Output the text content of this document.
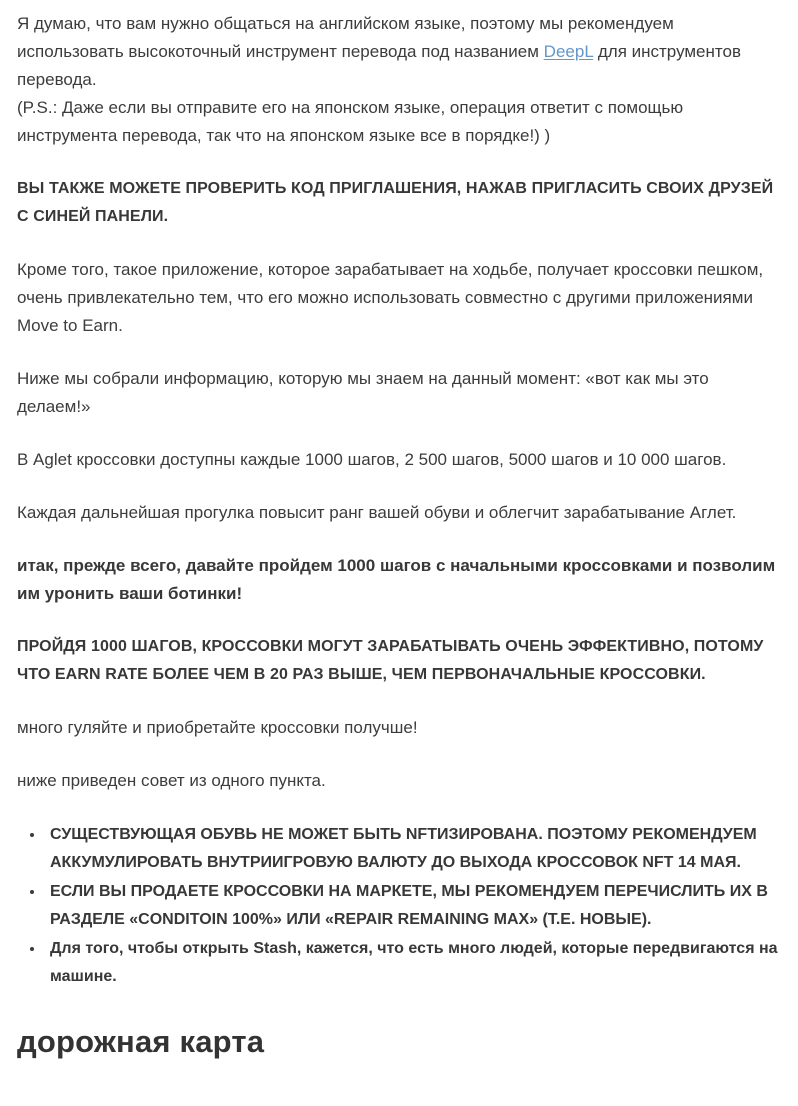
Я думаю, что вам нужно общаться на английском языке, поэтому мы рекомендуем использовать высокоточный инструмент перевода под названием DeepL для инструментов перевода.

(P.S.: Даже если вы отправите его на японском языке, операция ответит с помощью инструмента перевода, так что на японском языке все в порядке!) )

ВЫ ТАКЖЕ МОЖЕТЕ ПРОВЕРИТЬ КОД ПРИГЛАШЕНИЯ, НАЖАВ ПРИГЛАСИТЬ СВОИХ ДРУЗЕЙ С СИНЕЙ ПАНЕЛИ.

Кроме того, такое приложение, которое зарабатывает на ходьбе, получает кроссовки пешком, очень привлекательно тем, что его можно использовать совместно с другими приложениями Move to Earn.

Ниже мы собрали информацию, которую мы знаем на данный момент: «вот как мы это делаем!»

В Aglet кроссовки доступны каждые 1000 шагов, 2 500 шагов, 5000 шагов и 10 000 шагов.

Каждая дальнейшая прогулка повысит ранг вашей обуви и облегчит зарабатывание Аглет.

итак, прежде всего, давайте пройдем 1000 шагов с начальными кроссовками и позволим им уронить ваши ботинки!

ПРОЙДЯ 1000 ШАГОВ, КРОССОВКИ МОГУТ ЗАРАБАТЫВАТЬ ОЧЕНЬ ЭФФЕКТИВНО, ПОТОМУ ЧТО EARN RATE БОЛЕЕ ЧЕМ В 20 РАЗ ВЫШЕ, ЧЕМ ПЕРВОНАЧАЛЬНЫЕ КРОССОВКИ.

много гуляйте и приобретайте кроссовки получше!

ниже приведен совет из одного пункта.

• СУЩЕСТВУЮЩАЯ ОБУВЬ НЕ МОЖЕТ БЫТЬ NFTИЗИРОВАНА. ПОЭТОМУ РЕКОМЕНДУЕМ АККУМУЛИРОВАТЬ ВНУТРИИГРОВУЮ ВАЛЮТУ ДО ВЫХОДА КРОССОВОК NFT 14 МАЯ.
• ЕСЛИ ВЫ ПРОДАЕТЕ КРОССОВКИ НА МАРКЕТЕ, МЫ РЕКОМЕНДУЕМ ПЕРЕЧИСЛИТЬ ИХ В РАЗДЕЛЕ «CONDITOIN 100%» ИЛИ «REPAIR REMAINING MAX» (Т.Е. НОВЫЕ).
• Для того, чтобы открыть Stash, кажется, что есть много людей, которые передвигаются на машине.
дорожная карта
